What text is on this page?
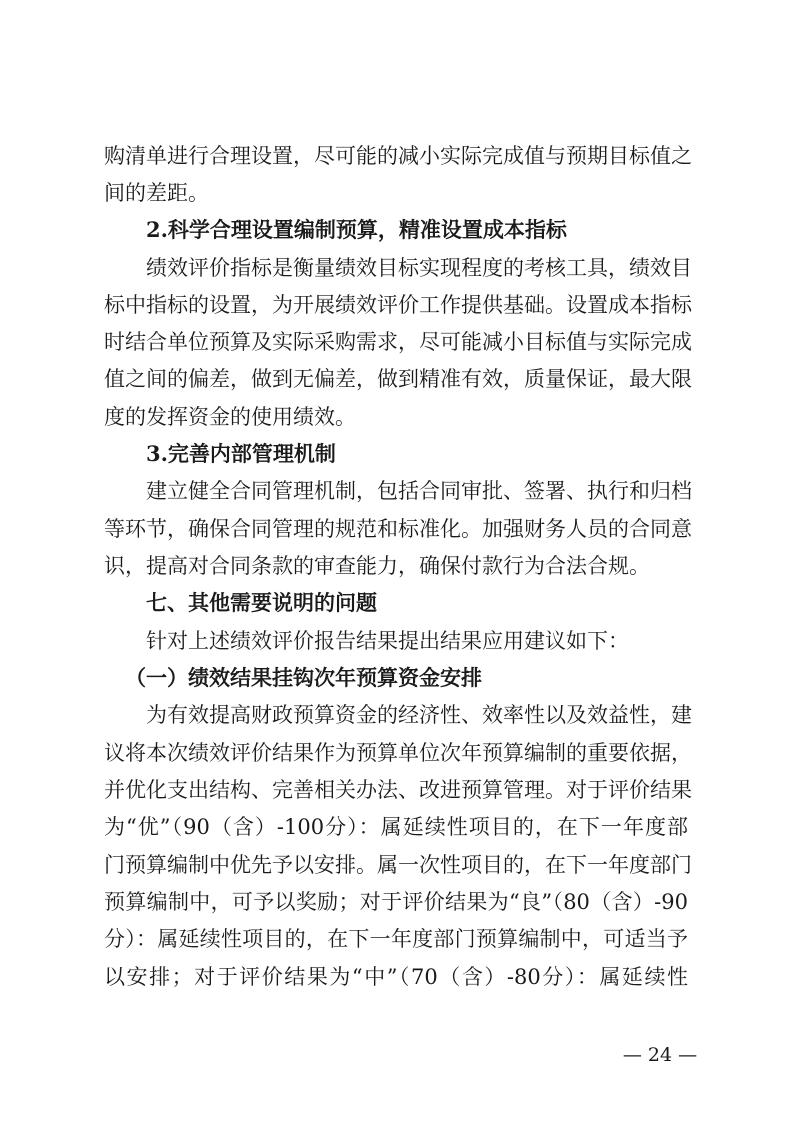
购清单进行合理设置，尽可能的减小实际完成值与预期目标值之
间的差距。
2.科学合理设置编制预算，精准设置成本指标
绩效评价指标是衡量绩效目标实现程度的考核工具，绩效目
标中指标的设置，为开展绩效评价工作提供基础。设置成本指标
时结合单位预算及实际采购需求，尽可能减小目标值与实际完成
值之间的偏差，做到无偏差，做到精准有效，质量保证，最大限
度的发挥资金的使用绩效。
3.完善内部管理机制
建立健全合同管理机制，包括合同审批、签署、执行和归档
等环节，确保合同管理的规范和标准化。加强财务人员的合同意
识，提高对合同条款的审查能力，确保付款行为合法合规。
七、其他需要说明的问题
针对上述绩效评价报告结果提出结果应用建议如下：
（一）绩效结果挂钩次年预算资金安排
为有效提高财政预算资金的经济性、效率性以及效益性，建
议将本次绩效评价结果作为预算单位次年预算编制的重要依据，
并优化支出结构、完善相关办法、改进预算管理。对于评价结果
为“优”（90（含）-100分）：属延续性项目的，在下一年度部
门预算编制中优先予以安排。属一次性项目的，在下一年度部门
预算编制中，可予以奖励；对于评价结果为“良”（80（含）-90
分）：属延续性项目的，在下一年度部门预算编制中，可适当予
以安排；对于评价结果为“中”（70（含）-80分）：属延续性
— 24 —
